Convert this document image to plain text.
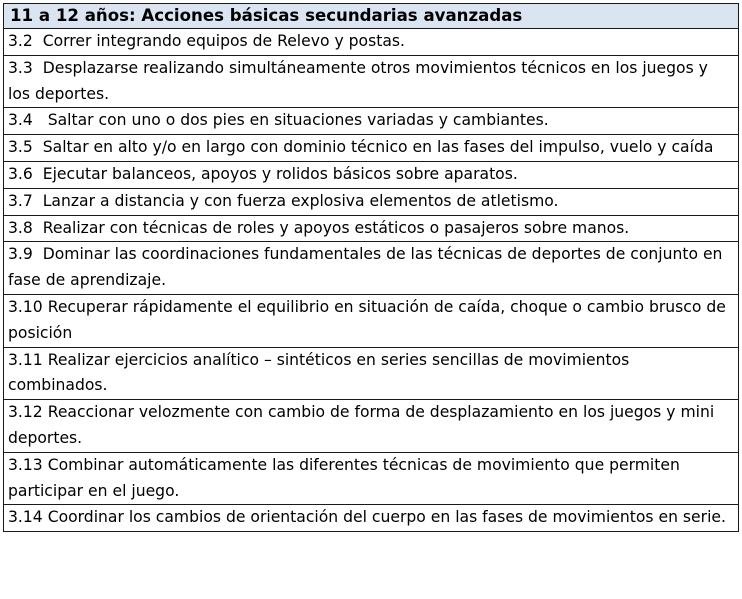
11 a 12 años: Acciones básicas secundarias avanzadas
3.2 Correr integrando equipos de Relevo y postas.
3.3 Desplazarse realizando simultáneamente otros movimientos técnicos en los juegos y los deportes.
3.4 Saltar con uno o dos pies en situaciones variadas y cambiantes.
3.5 Saltar en alto y/o en largo con dominio técnico en las fases del impulso, vuelo y caída
3.6 Ejecutar balanceos, apoyos y rolidos básicos sobre aparatos.
3.7 Lanzar a distancia y con fuerza explosiva elementos de atletismo.
3.8 Realizar con técnicas de roles y apoyos estáticos o pasajeros sobre manos.
3.9 Dominar las coordinaciones fundamentales de las técnicas de deportes de conjunto en fase de aprendizaje.
3.10 Recuperar rápidamente el equilibrio en situación de caída, choque o cambio brusco de posición
3.11 Realizar ejercicios analítico – sintéticos en series sencillas de movimientos combinados.
3.12 Reaccionar velozmente con cambio de forma de desplazamiento en los juegos y mini deportes.
3.13 Combinar automáticamente las diferentes técnicas de movimiento que permiten participar en el juego.
3.14 Coordinar los cambios de orientación del cuerpo en las fases de movimientos en serie.
